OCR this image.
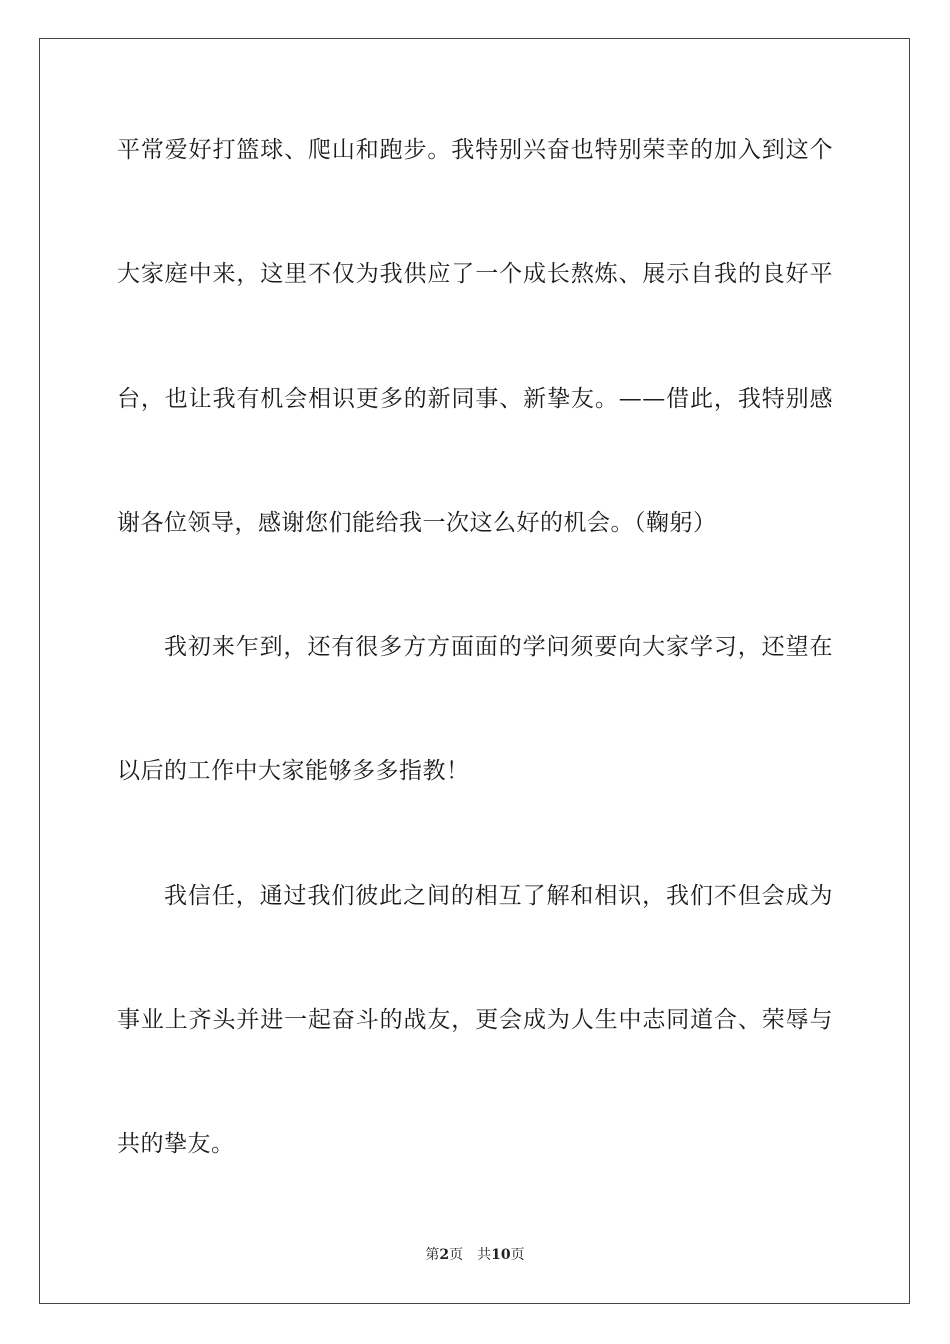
平常爱好打篮球、爬山和跑步。我特别兴奋也特别荣幸的加入到这个
大家庭中来，这里不仅为我供应了一个成长熬炼、展示自我的良好平
台，也让我有机会相识更多的新同事、新挚友。——借此，我特别感
谢各位领导，感谢您们能给我一次这么好的机会。（鞠躬）
我初来乍到，还有很多方方面面的学问须要向大家学习，还望在
以后的工作中大家能够多多指教！
我信任，通过我们彼此之间的相互了解和相识，我们不但会成为
事业上齐头并进一起奋斗的战友，更会成为人生中志同道合、荣辱与
共的挚友。
第2页 共10页
